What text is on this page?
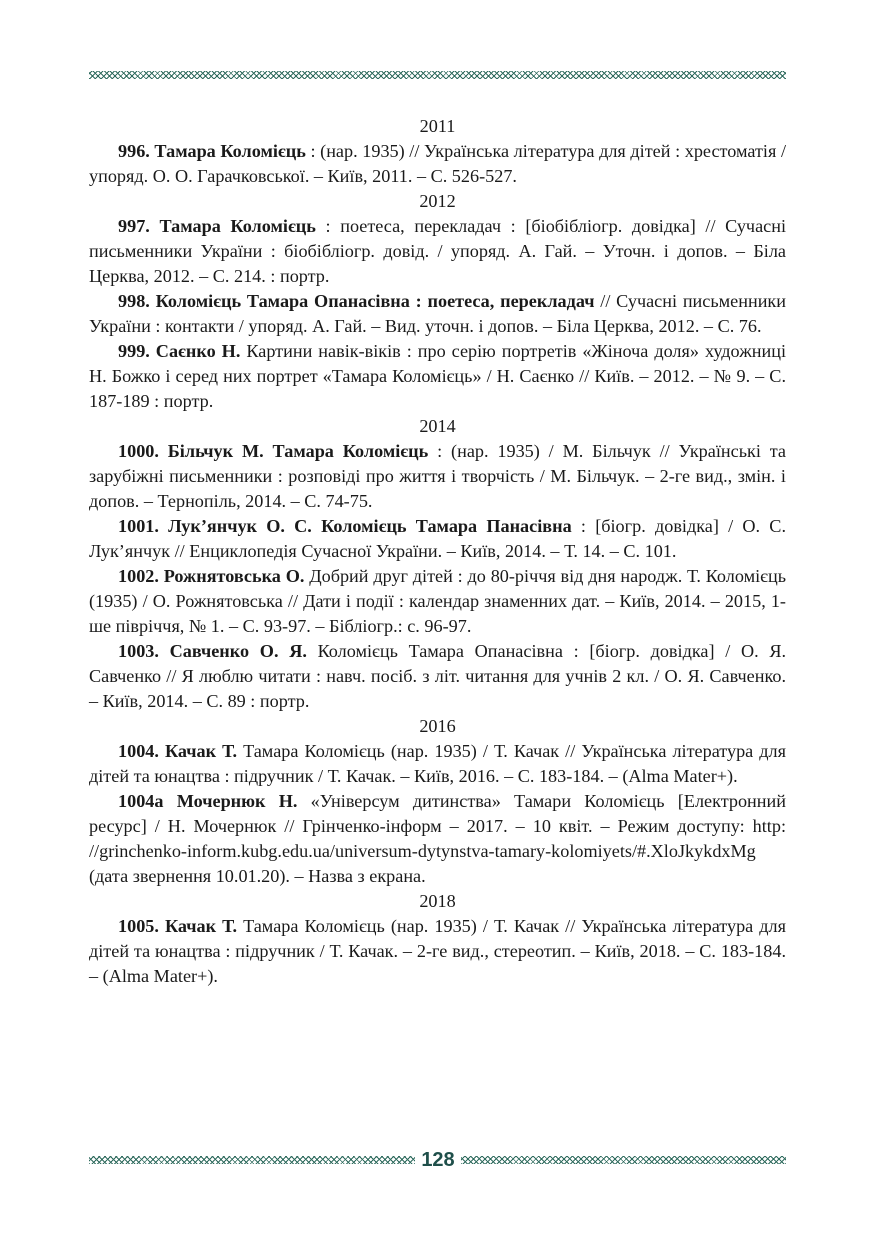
2011

996. Тамара Коломієць : (нар. 1935) // Українська література для дітей : хрестоматія / упоряд. О. О. Гарачковської. – Київ, 2011. – С. 526-527.

2012

997. Тамара Коломієць : поетеса, перекладач : [біобібліогр. довідка] // Сучасні письменники України : біобібліогр. довід. / упоряд. А. Гай. – Уточн. і допов. – Біла Церква, 2012. – С. 214. : портр.

998. Коломієць Тамара Опанасівна : поетеса, перекладач // Сучасні письменники України : контакти / упоряд. А. Гай. – Вид. уточн. і допов. – Біла Церква, 2012. – С. 76.

999. Саєнко Н. Картини навік-віків : про серію портретів «Жіноча доля» художниці Н. Божко і серед них портрет «Тамара Коломієць» / Н. Саєнко // Київ. – 2012. – № 9. – С. 187-189 : портр.

2014

1000. Більчук М. Тамара Коломієць : (нар. 1935) / М. Більчук // Українські та зарубіжні письменники : розповіді про життя і творчість / М. Більчук. – 2-ге вид., змін. і допов. – Тернопіль, 2014. – С. 74-75.

1001. Лук’янчук О. С. Коломієць Тамара Панасівна : [біогр. довідка] / О. С. Лук’янчук // Енциклопедія Сучасної України. – Київ, 2014. – Т. 14. – С. 101.

1002. Рожнятовська О. Добрий друг дітей : до 80-річчя від дня народж. Т. Коломієць (1935) / О. Рожнятовська // Дати і події : календар знаменних дат. – Київ, 2014. – 2015, 1-ше півріччя, № 1. – С. 93-97. – Бібліогр.: с. 96-97.

1003. Савченко О. Я. Коломієць Тамара Опанасівна : [біогр. довідка] / О. Я. Савченко // Я люблю читати : навч. посіб. з літ. читання для учнів 2 кл. / О. Я. Савченко. – Київ, 2014. – С. 89 : портр.

2016

1004. Качак Т. Тамара Коломієць (нар. 1935) / Т. Качак // Українська література для дітей та юнацтва : підручник / Т. Качак. – Київ, 2016. – С. 183-184. – (Alma Mater+).

1004а Мочернюк Н. «Універсум дитинства» Тамари Коломієць [Електронний ресурс] / Н. Мочернюк // Грінченко-інформ – 2017. – 10 квіт. – Режим доступу: http: //grinchenko-inform.kubg.edu.ua/universum-dytynstva-tamary-kolomiyets/#.XloJkykdxMg (дата звернення 10.01.20). – Назва з екрана.

2018

1005. Качак Т. Тамара Коломієць (нар. 1935) / Т. Качак // Українська література для дітей та юнацтва : підручник / Т. Качак. – 2-ге вид., стереотип. – Київ, 2018. – С. 183-184. – (Alma Mater+).

128
